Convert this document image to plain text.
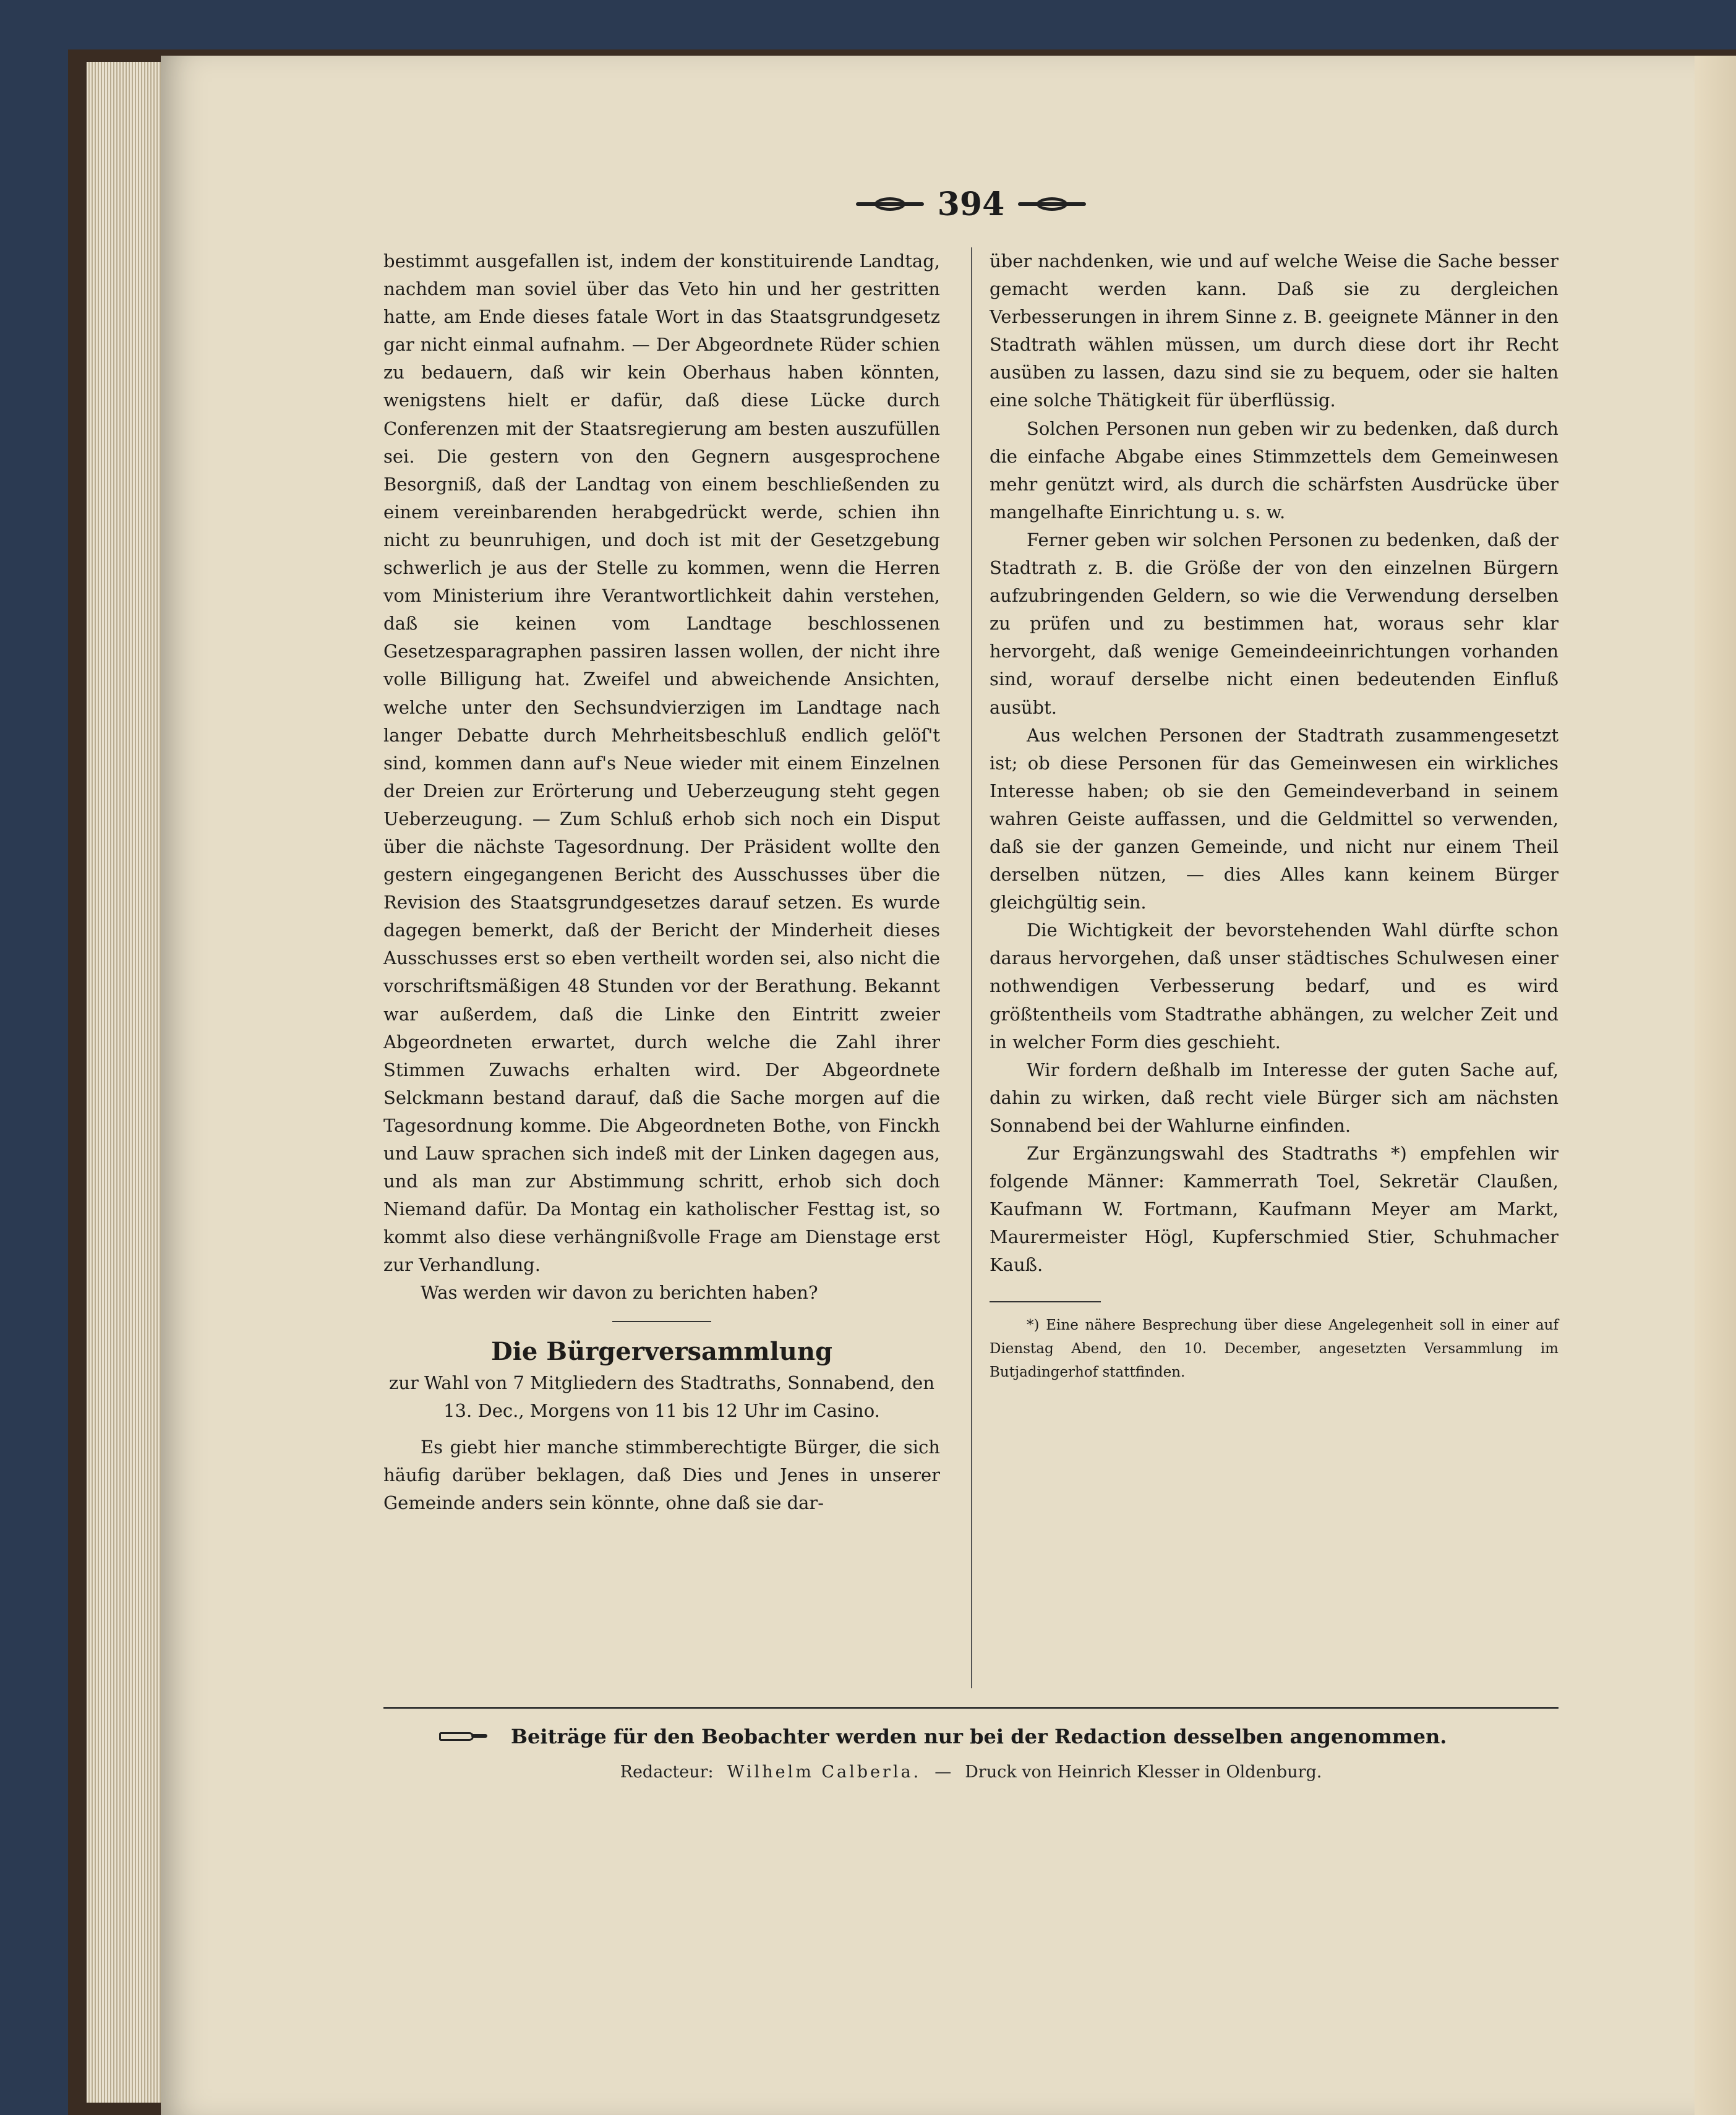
394

bestimmt ausgefallen ist, indem der konstituirende Landtag, nachdem man soviel über das Veto hin und her gestritten hatte, am Ende dieses fatale Wort in das Staatsgrundgesetz gar nicht einmal aufnahm. — Der Abgeordnete Rüder schien zu bedauern, daß wir kein Oberhaus haben könnten, wenigstens hielt er dafür, daß diese Lücke durch Conferenzen mit der Staatsregierung am besten auszufüllen sei. Die gestern von den Gegnern ausgesprochene Besorgniß, daß der Landtag von einem beschließenden zu einem vereinbarenden herabgedrückt werde, schien ihn nicht zu beunruhigen, und doch ist mit der Gesetzgebung schwerlich je aus der Stelle zu kommen, wenn die Herren vom Ministerium ihre Verantwortlichkeit dahin verstehen, daß sie keinen vom Landtage beschlossenen Gesetzesparagraphen passiren lassen wollen, der nicht ihre volle Billigung hat. Zweifel und abweichende Ansichten, welche unter den Sechsundvierzigen im Landtage nach langer Debatte durch Mehrheitsbeschluß endlich gelöſ't sind, kommen dann auf's Neue wieder mit einem Einzelnen der Dreien zur Erörterung und Ueberzeugung steht gegen Ueberzeugung. — Zum Schluß erhob sich noch ein Disput über die nächste Tagesordnung. Der Präsident wollte den gestern eingegangenen Bericht des Ausschusses über die Revision des Staatsgrundgesetzes darauf setzen. Es wurde dagegen bemerkt, daß der Bericht der Minderheit dieses Ausschusses erst so eben vertheilt worden sei, also nicht die vorschriftsmäßigen 48 Stunden vor der Berathung. Bekannt war außerdem, daß die Linke den Eintritt zweier Abgeordneten erwartet, durch welche die Zahl ihrer Stimmen Zuwachs erhalten wird. Der Abgeordnete Selckmann bestand darauf, daß die Sache morgen auf die Tagesordnung komme. Die Abgeordneten Bothe, von Finckh und Lauw sprachen sich indeß mit der Linken dagegen aus, und als man zur Abstimmung schritt, erhob sich doch Niemand dafür. Da Montag ein katholischer Festtag ist, so kommt also diese verhängnißvolle Frage am Dienstage erst zur Verhandlung.

Was werden wir davon zu berichten haben?

Die Bürgerversammlung

zur Wahl von 7 Mitgliedern des Stadtraths, Sonnabend, den 13. Dec., Morgens von 11 bis 12 Uhr im Casino.

Es giebt hier manche stimmberechtigte Bürger, die sich häufig darüber beklagen, daß Dies und Jenes in unserer Gemeinde anders sein könnte, ohne daß sie dar-

über nachdenken, wie und auf welche Weise die Sache besser gemacht werden kann. Daß sie zu dergleichen Verbesserungen in ihrem Sinne z. B. geeignete Männer in den Stadtrath wählen müssen, um durch diese dort ihr Recht ausüben zu lassen, dazu sind sie zu bequem, oder sie halten eine solche Thätigkeit für überflüssig.

Solchen Personen nun geben wir zu bedenken, daß durch die einfache Abgabe eines Stimmzettels dem Gemeinwesen mehr genützt wird, als durch die schärfsten Ausdrücke über mangelhafte Einrichtung u. s. w.

Ferner geben wir solchen Personen zu bedenken, daß der Stadtrath z. B. die Größe der von den einzelnen Bürgern aufzubringenden Geldern, so wie die Verwendung derselben zu prüfen und zu bestimmen hat, woraus sehr klar hervorgeht, daß wenige Gemeindeeinrichtungen vorhanden sind, worauf derselbe nicht einen bedeutenden Einfluß ausübt.

Aus welchen Personen der Stadtrath zusammengesetzt ist; ob diese Personen für das Gemeinwesen ein wirkliches Interesse haben; ob sie den Gemeindeverband in seinem wahren Geiste auffassen, und die Geldmittel so verwenden, daß sie der ganzen Gemeinde, und nicht nur einem Theil derselben nützen, — dies Alles kann keinem Bürger gleichgültig sein.

Die Wichtigkeit der bevorstehenden Wahl dürfte schon daraus hervorgehen, daß unser städtisches Schulwesen einer nothwendigen Verbesserung bedarf, und es wird größtentheils vom Stadtrathe abhängen, zu welcher Zeit und in welcher Form dies geschieht.

Wir fordern deßhalb im Interesse der guten Sache auf, dahin zu wirken, daß recht viele Bürger sich am nächsten Sonnabend bei der Wahlurne einfinden.

Zur Ergänzungswahl des Stadtraths *) empfehlen wir folgende Männer: Kammerrath Toel, Sekretär Claußen, Kaufmann W. Fortmann, Kaufmann Meyer am Markt, Maurermeister Högl, Kupferschmied Stier, Schuhmacher Kauß.

*) Eine nähere Besprechung über diese Angelegenheit soll in einer auf Dienstag Abend, den 10. December, angesetzten Versammlung im Butjadingerhof stattfinden.

Beiträge für den Beobachter werden nur bei der Redaction desselben angenommen.
Redacteur: Wilhelm Calberla. — Druck von Heinrich Klesser in Oldenburg.
